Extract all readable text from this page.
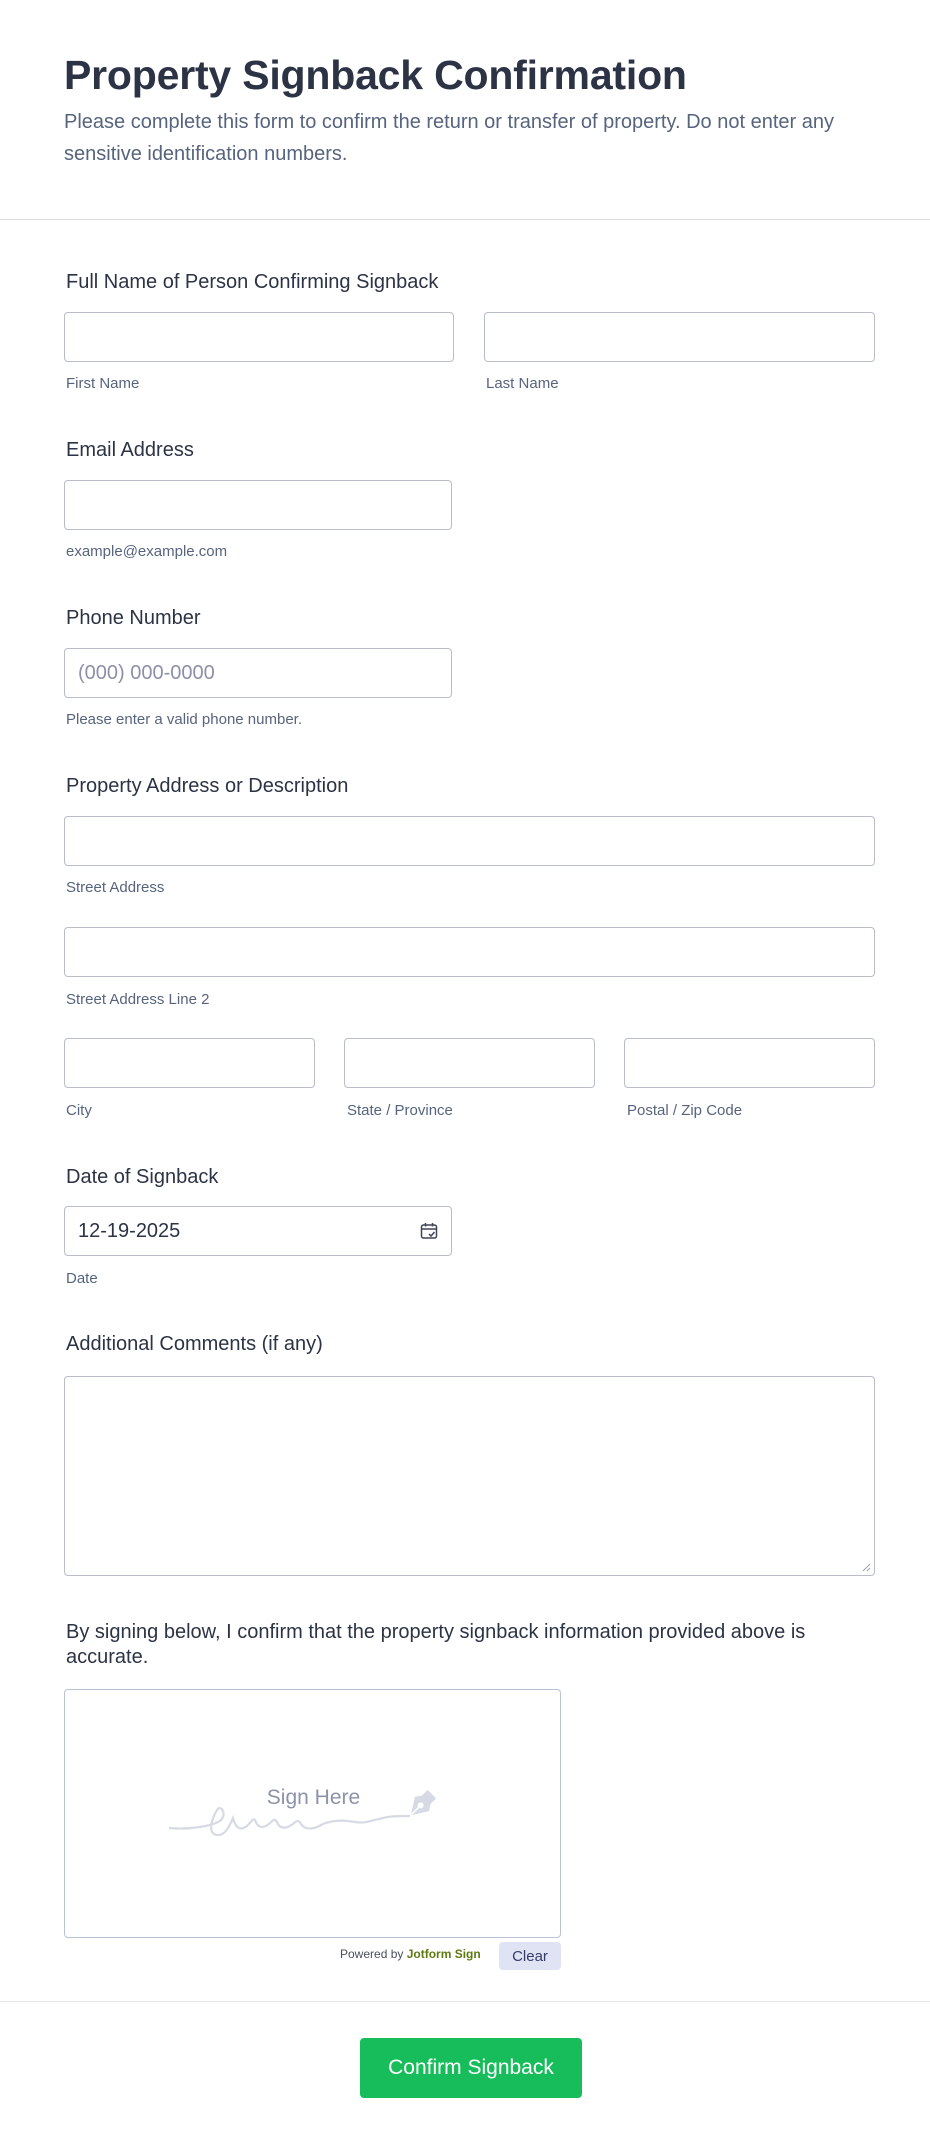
Property Signback Confirmation

Please complete this form to confirm the return or transfer of property. Do not enter any sensitive identification numbers.

Full Name of Person Confirming Signback
First Name	Last Name
Email Address
example@example.com
Phone Number
(000) 000-0000
Please enter a valid phone number.
Property Address or Description
Street Address
Street Address Line 2
City	State / Province	Postal / Zip Code
Date of Signback
12-19-2025
Date
Additional Comments (if any)

By signing below, I confirm that the property signback information provided above is accurate.

Sign Here
Powered by Jotform Sign	Clear
Confirm Signback
